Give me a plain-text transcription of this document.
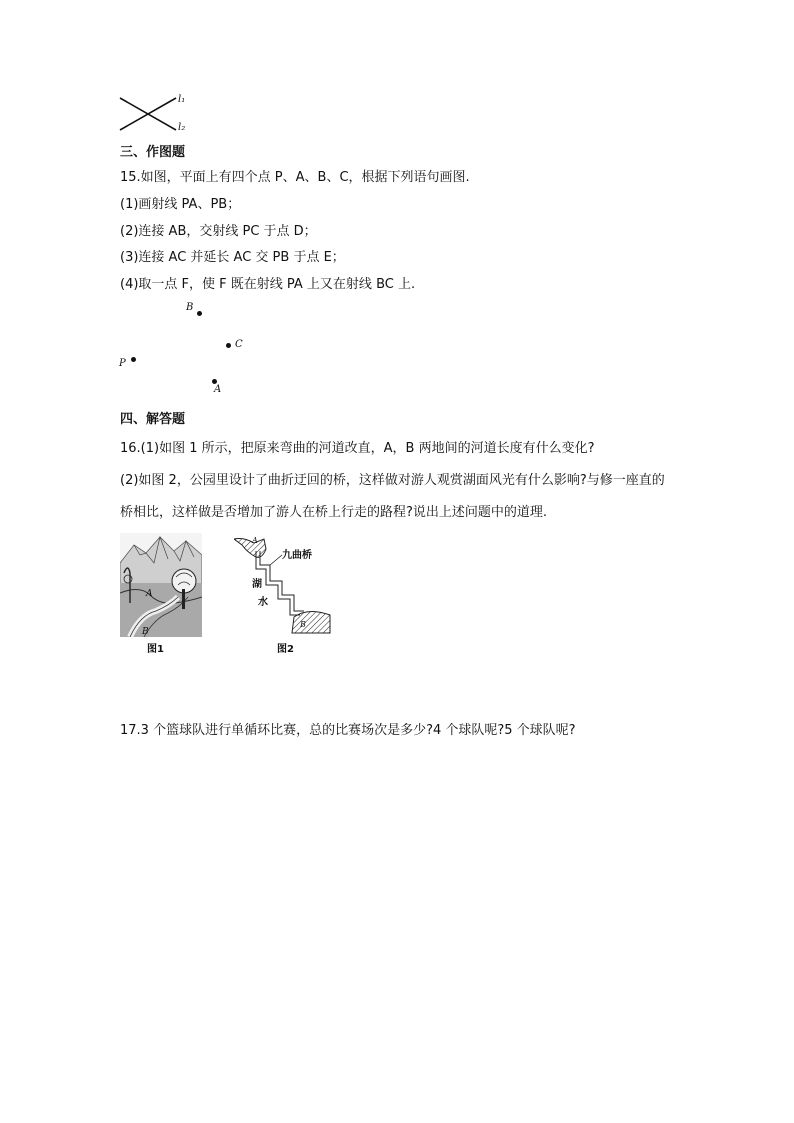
l₁
l₂
三、作图题
15.如图，平面上有四个点 P、A、B、C，根据下列语句画图.
(1)画射线 PA、PB；
(2)连接 AB，交射线 PC 于点 D；
(3)连接 AC 并延长 AC 交 PB 于点 E；
(4)取一点 F，使 F 既在射线 PA 上又在射线 BC 上.
B
C
P
A
四、解答题
16.(1)如图 1 所示，把原来弯曲的河道改直，A，B 两地间的河道长度有什么变化?
(2)如图 2，公园里设计了曲折迂回的桥，这样做对游人观赏湖面风光有什么影响?与修一座直的
桥相比，这样做是否增加了游人在桥上行走的路程?说出上述问题中的道理.
A
B
图1
A
B
九曲桥
湖
水
图2
17.3 个篮球队进行单循环比赛，总的比赛场次是多少?4 个球队呢?5 个球队呢?
